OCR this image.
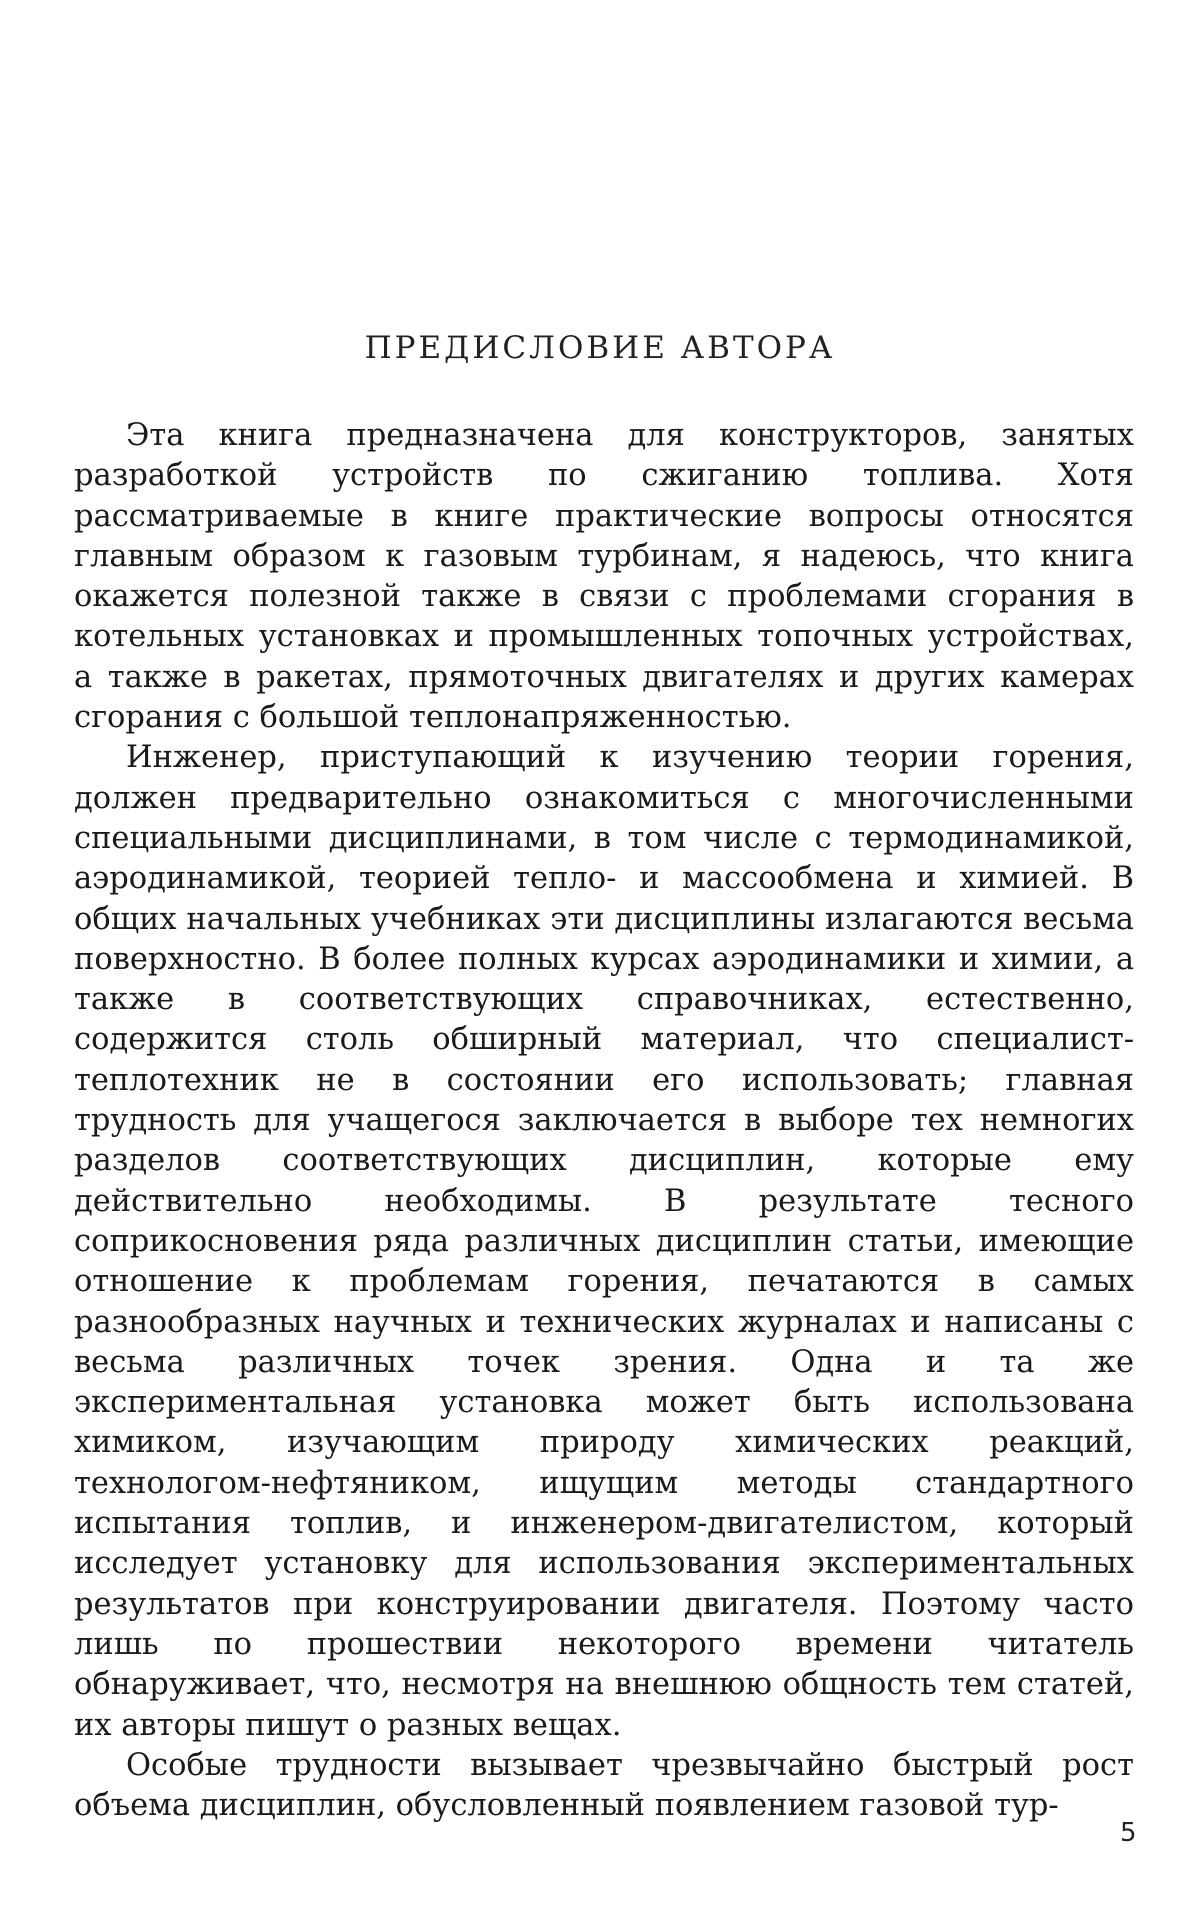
ПРЕДИСЛОВИЕ АВТОРА

Эта книга предназначена для конструкторов, занятых разработкой устройств по сжиганию топлива. Хотя рассматриваемые в книге практические вопросы относятся главным образом к газовым турбинам, я надеюсь, что книга окажется полезной также в связи с проблемами сгорания в котельных установках и промышленных топочных устройствах, а также в ракетах, прямоточных двигателях и других камерах сгорания с большой теплонапряженностью.

Инженер, приступающий к изучению теории горения, должен предварительно ознакомиться с многочисленными специальными дисциплинами, в том числе с термодинамикой, аэродинамикой, теорией тепло- и массообмена и химией. В общих начальных учебниках эти дисциплины излагаются весьма поверхностно. В более полных курсах аэродинамики и химии, а также в соответствующих справочниках, естественно, содержится столь обширный материал, что специалист-теплотехник не в состоянии его использовать; главная трудность для учащегося заключается в выборе тех немногих разделов соответствующих дисциплин, которые ему действительно необходимы. В результате тесного соприкосновения ряда различных дисциплин статьи, имеющие отношение к проблемам горения, печатаются в самых разнообразных научных и технических журналах и написаны с весьма различных точек зрения. Одна и та же экспериментальная установка может быть использована химиком, изучающим природу химических реакций, технологом-нефтяником, ищущим методы стандартного испытания топлив, и инженером-двигателистом, который исследует установку для использования экспериментальных результатов при конструировании двигателя. Поэтому часто лишь по прошествии некоторого времени читатель обнаруживает, что, несмотря на внешнюю общность тем статей, их авторы пишут о разных вещах.

Особые трудности вызывает чрезвычайно быстрый рост объема дисциплин, обусловленный появлением газовой тур-

5
